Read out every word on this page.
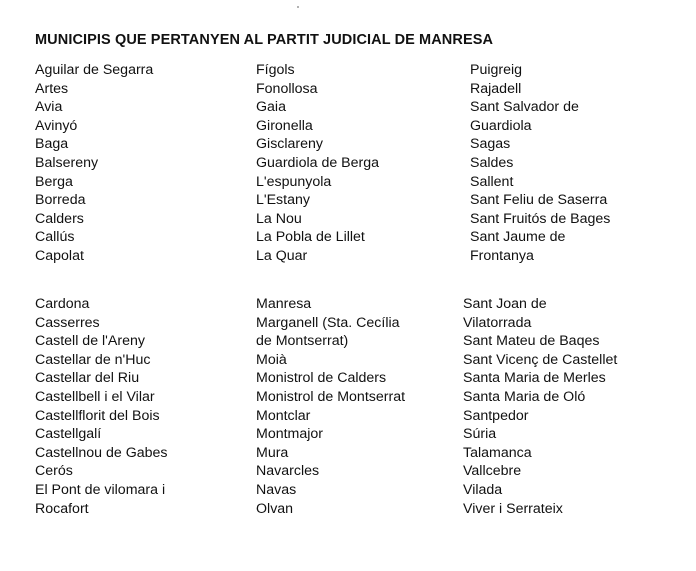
MUNICIPIS QUE PERTANYEN AL PARTIT JUDICIAL DE MANRESA
Aguilar de Segarra
Artes
Avia
Avinyó
Baga
Balsereny
Berga
Borreda
Calders
Callús
Capolat
Fígols
Fonollosa
Gaia
Gironella
Gisclareny
Guardiola de Berga
L'espunyola
L'Estany
La Nou
La Pobla de Lillet
La Quar
Puigreig
Rajadell
Sant Salvador de
Guardiola
Sagas
Saldes
Sallent
Sant Feliu de Saserra
Sant Fruitós de Bages
Sant Jaume de
Frontanya
Cardona
Casserres
Castell de l'Areny
Castellar de n'Huc
Castellar del Riu
Castellbell i el Vilar
Castellflorit del Bois
Castellgalí
Castellnou de Gabes
Cerós
El Pont de vilomara i
Rocafort
Manresa
Marganell (Sta. Cecília
de Montserrat)
Moià
Monistrol de Calders
Monistrol de Montserrat
Montclar
Montmajor
Mura
Navarcles
Navas
Olvan
Sant Joan de
Vilatorrada
Sant Mateu de Baqes
Sant Vicenç de Castellet
Santa Maria de Merles
Santa Maria de Oló
Santpedor
Súria
Talamanca
Vallcebre
Vilada
Viver i Serrateix
